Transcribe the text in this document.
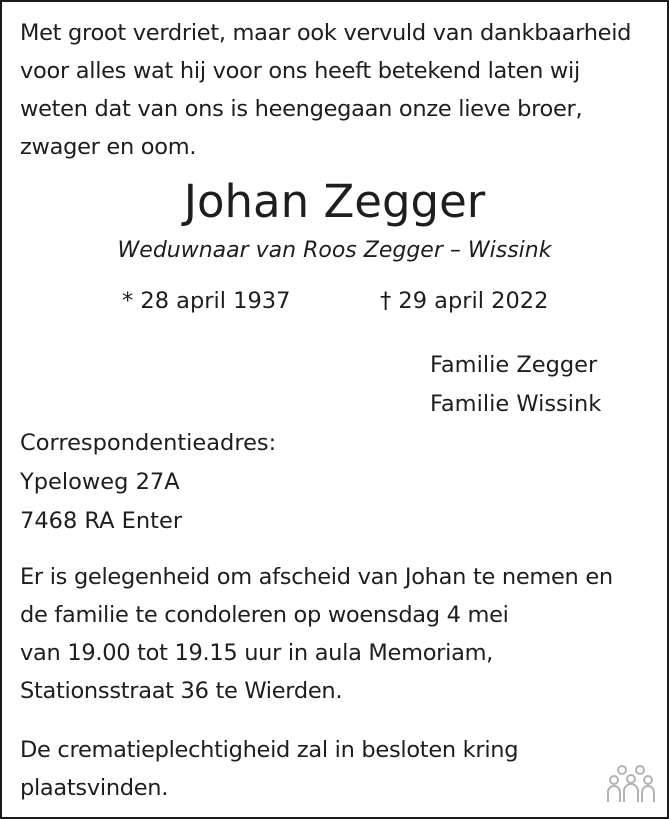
Met groot verdriet, maar ook vervuld van dankbaarheid

voor alles wat hij voor ons heeft betekend laten wij

weten dat van ons is heengegaan onze lieve broer,

zwager en oom.

Johan Zegger
Weduwnaar van Roos Zegger – Wissink
* 28 april 1937	† 29 april 2022
Familie Zegger
Familie Wissink
Correspondentieadres:
Ypeloweg 27A
7468 RA Enter

Er is gelegenheid om afscheid van Johan te nemen en

de familie te condoleren op woensdag 4 mei

van 19.00 tot 19.15 uur in aula Memoriam,

Stationsstraat 36 te Wierden.

De crematieplechtigheid zal in besloten kring

plaatsvinden.
